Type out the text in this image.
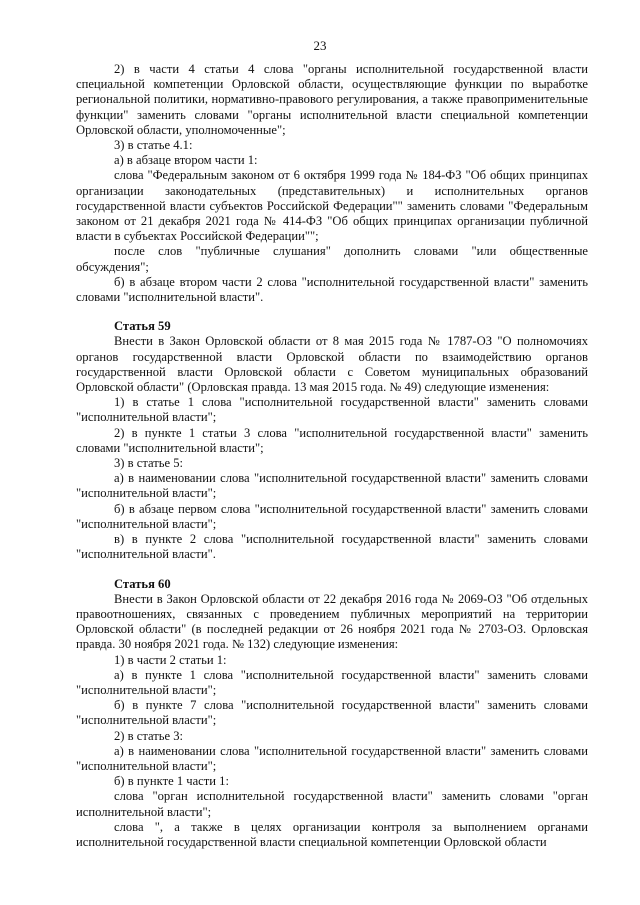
23

2) в части 4 статьи 4 слова "органы исполнительной государственной власти специальной компетенции Орловской области, осуществляющие функции по выработке региональной политики, нормативно-правового регулирования, а также правоприменительные функции" заменить словами "органы исполнительной власти специальной компетенции Орловской области, уполномоченные";

3) в статье 4.1:

а) в абзаце втором части 1:

слова "Федеральным законом от 6 октября 1999 года № 184-ФЗ "Об общих принципах организации законодательных (представительных) и исполнительных органов государственной власти субъектов Российской Федерации"" заменить словами "Федеральным законом от 21 декабря 2021 года № 414-ФЗ "Об общих принципах организации публичной власти в субъектах Российской Федерации"";

после слов "публичные слушания" дополнить словами "или общественные обсуждения";

б) в абзаце втором части 2 слова "исполнительной государственной власти" заменить словами "исполнительной власти".

Статья 59

Внести в Закон Орловской области от 8 мая 2015 года № 1787-ОЗ "О полномочиях органов государственной власти Орловской области по взаимодействию органов государственной власти Орловской области с Советом муниципальных образований Орловской области" (Орловская правда. 13 мая 2015 года. № 49) следующие изменения:

1) в статье 1 слова "исполнительной государственной власти" заменить словами "исполнительной власти";

2) в пункте 1 статьи 3 слова "исполнительной государственной власти" заменить словами "исполнительной власти";

3) в статье 5:

а) в наименовании слова "исполнительной государственной власти" заменить словами "исполнительной власти";

б) в абзаце первом слова "исполнительной государственной власти" заменить словами "исполнительной власти";

в) в пункте 2 слова "исполнительной государственной власти" заменить словами "исполнительной власти".

Статья 60

Внести в Закон Орловской области от 22 декабря 2016 года № 2069-ОЗ "Об отдельных правоотношениях, связанных с проведением публичных мероприятий на территории Орловской области" (в последней редакции от 26 ноября 2021 года № 2703-ОЗ. Орловская правда. 30 ноября 2021 года. № 132) следующие изменения:

1) в части 2 статьи 1:

а) в пункте 1 слова "исполнительной государственной власти" заменить словами "исполнительной власти";

б) в пункте 7 слова "исполнительной государственной власти" заменить словами "исполнительной власти";

2) в статье 3:

а) в наименовании слова "исполнительной государственной власти" заменить словами "исполнительной власти";

б) в пункте 1 части 1:

слова "орган исполнительной государственной власти" заменить словами "орган исполнительной власти";

слова ", а также в целях организации контроля за выполнением органами исполнительной государственной власти специальной компетенции Орловской области
